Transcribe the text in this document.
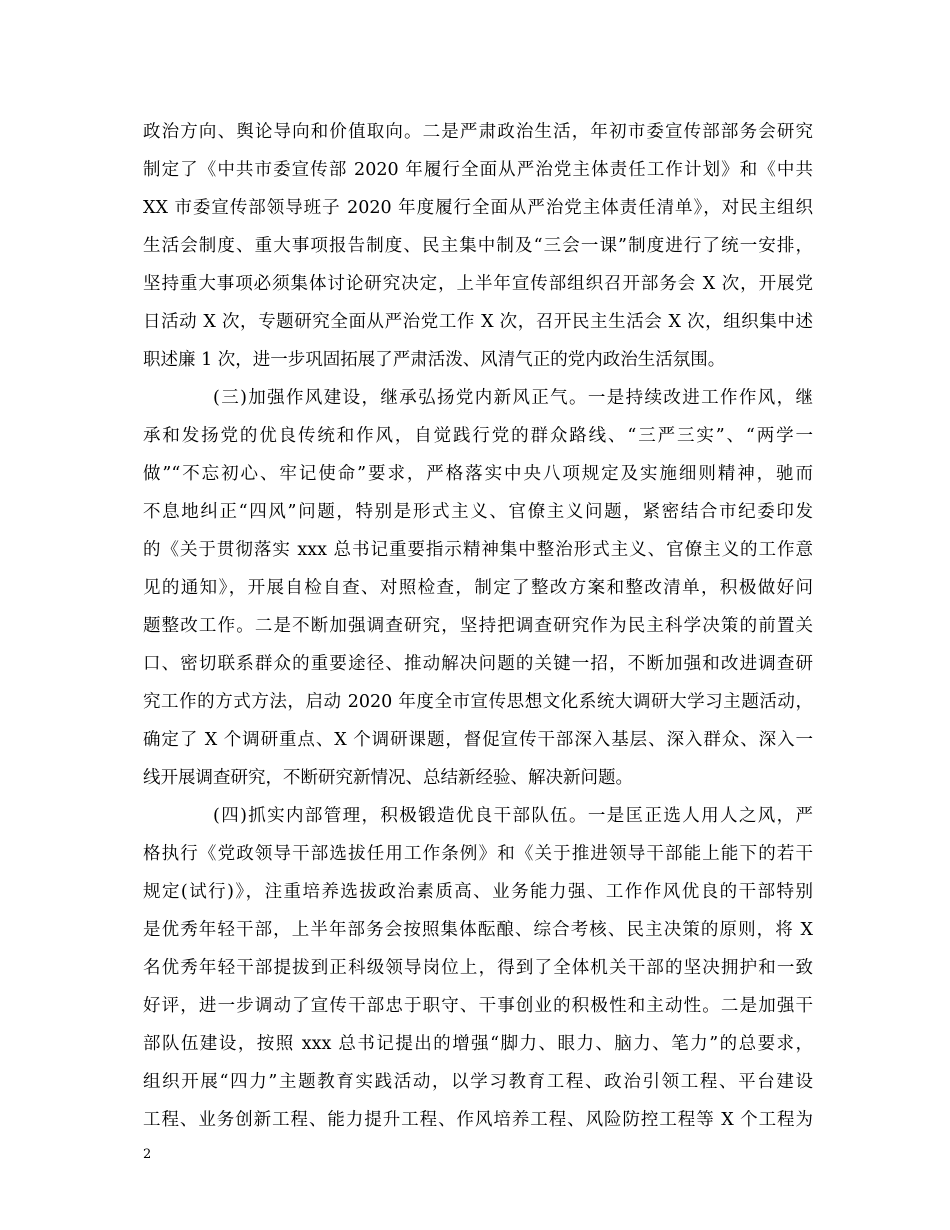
政治方向、舆论导向和价值取向。二是严肃政治生活，年初市委宣传部部务会研究
制定了《中共市委宣传部 2020 年履行全面从严治党主体责任工作计划》和《中共
XX 市委宣传部领导班子 2020 年度履行全面从严治党主体责任清单》，对民主组织
生活会制度、重大事项报告制度、民主集中制及“三会一课”制度进行了统一安排，
坚持重大事项必须集体讨论研究决定，上半年宣传部组织召开部务会 X 次，开展党
日活动 X 次，专题研究全面从严治党工作 X 次，召开民主生活会 X 次，组织集中述
职述廉 1 次，进一步巩固拓展了严肃活泼、风清气正的党内政治生活氛围。
(三)加强作风建设，继承弘扬党内新风正气。一是持续改进工作作风，继
承和发扬党的优良传统和作风，自觉践行党的群众路线、“三严三实”、“两学一
做”“不忘初心、牢记使命”要求，严格落实中央八项规定及实施细则精神，驰而
不息地纠正“四风”问题，特别是形式主义、官僚主义问题，紧密结合市纪委印发
的《关于贯彻落实 xxx 总书记重要指示精神集中整治形式主义、官僚主义的工作意
见的通知》，开展自检自查、对照检查，制定了整改方案和整改清单，积极做好问
题整改工作。二是不断加强调查研究，坚持把调查研究作为民主科学决策的前置关
口、密切联系群众的重要途径、推动解决问题的关键一招，不断加强和改进调查研
究工作的方式方法，启动 2020 年度全市宣传思想文化系统大调研大学习主题活动，
确定了 X 个调研重点、X 个调研课题，督促宣传干部深入基层、深入群众、深入一
线开展调查研究，不断研究新情况、总结新经验、解决新问题。
(四)抓实内部管理，积极锻造优良干部队伍。一是匡正选人用人之风，严
格执行《党政领导干部选拔任用工作条例》和《关于推进领导干部能上能下的若干
规定(试行)》，注重培养选拔政治素质高、业务能力强、工作作风优良的干部特别
是优秀年轻干部，上半年部务会按照集体酝酿、综合考核、民主决策的原则，将 X
名优秀年轻干部提拔到正科级领导岗位上，得到了全体机关干部的坚决拥护和一致
好评，进一步调动了宣传干部忠于职守、干事创业的积极性和主动性。二是加强干
部队伍建设，按照 xxx 总书记提出的增强“脚力、眼力、脑力、笔力”的总要求，
组织开展“四力”主题教育实践活动，以学习教育工程、政治引领工程、平台建设
工程、业务创新工程、能力提升工程、作风培养工程、风险防控工程等 X 个工程为
2
